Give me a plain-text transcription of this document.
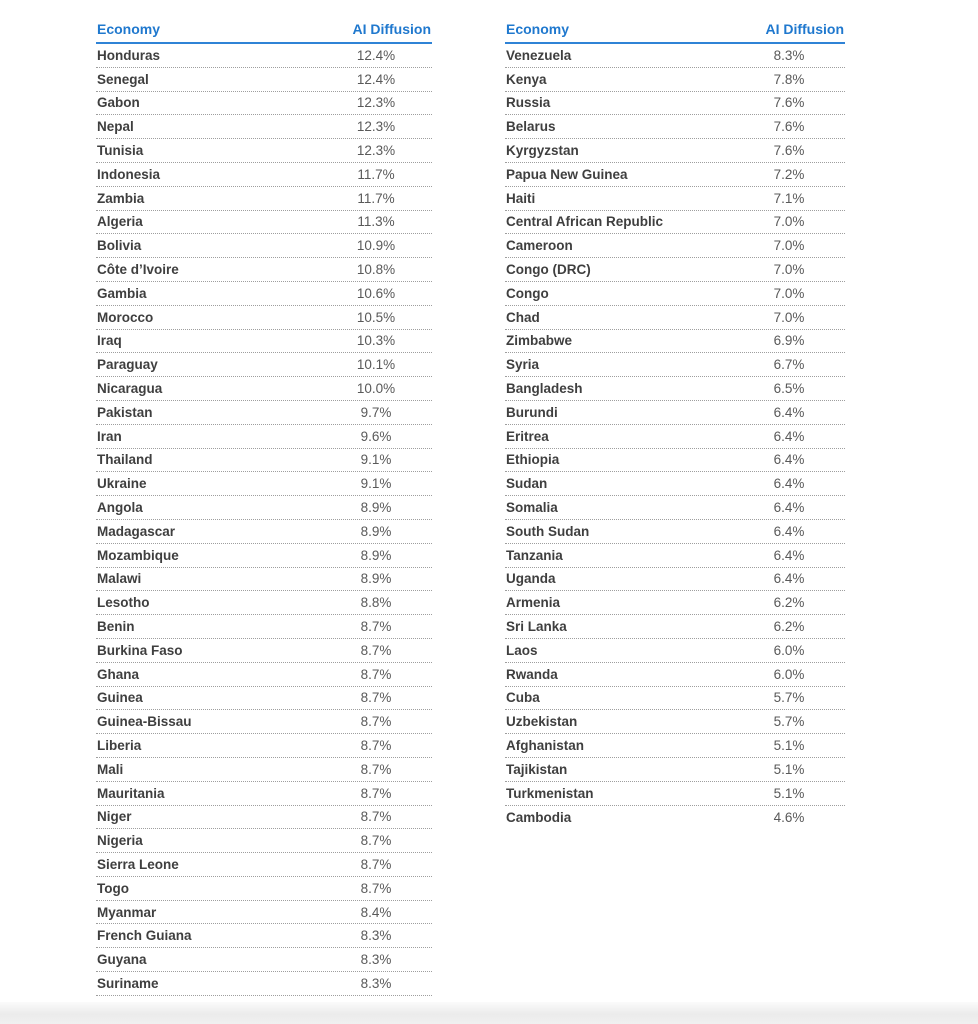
Economy	AI Diffusion
Honduras	12.4%
Senegal	12.4%
Gabon	12.3%
Nepal	12.3%
Tunisia	12.3%
Indonesia	11.7%
Zambia	11.7%
Algeria	11.3%
Bolivia	10.9%
Côte d’Ivoire	10.8%
Gambia	10.6%
Morocco	10.5%
Iraq	10.3%
Paraguay	10.1%
Nicaragua	10.0%
Pakistan	9.7%
Iran	9.6%
Thailand	9.1%
Ukraine	9.1%
Angola	8.9%
Madagascar	8.9%
Mozambique	8.9%
Malawi	8.9%
Lesotho	8.8%
Benin	8.7%
Burkina Faso	8.7%
Ghana	8.7%
Guinea	8.7%
Guinea-Bissau	8.7%
Liberia	8.7%
Mali	8.7%
Mauritania	8.7%
Niger	8.7%
Nigeria	8.7%
Sierra Leone	8.7%
Togo	8.7%
Myanmar	8.4%
French Guiana	8.3%
Guyana	8.3%
Suriname	8.3%
Economy	AI Diffusion
Venezuela	8.3%
Kenya	7.8%
Russia	7.6%
Belarus	7.6%
Kyrgyzstan	7.6%
Papua New Guinea	7.2%
Haiti	7.1%
Central African Republic	7.0%
Cameroon	7.0%
Congo (DRC)	7.0%
Congo	7.0%
Chad	7.0%
Zimbabwe	6.9%
Syria	6.7%
Bangladesh	6.5%
Burundi	6.4%
Eritrea	6.4%
Ethiopia	6.4%
Sudan	6.4%
Somalia	6.4%
South Sudan	6.4%
Tanzania	6.4%
Uganda	6.4%
Armenia	6.2%
Sri Lanka	6.2%
Laos	6.0%
Rwanda	6.0%
Cuba	5.7%
Uzbekistan	5.7%
Afghanistan	5.1%
Tajikistan	5.1%
Turkmenistan	5.1%
Cambodia	4.6%
